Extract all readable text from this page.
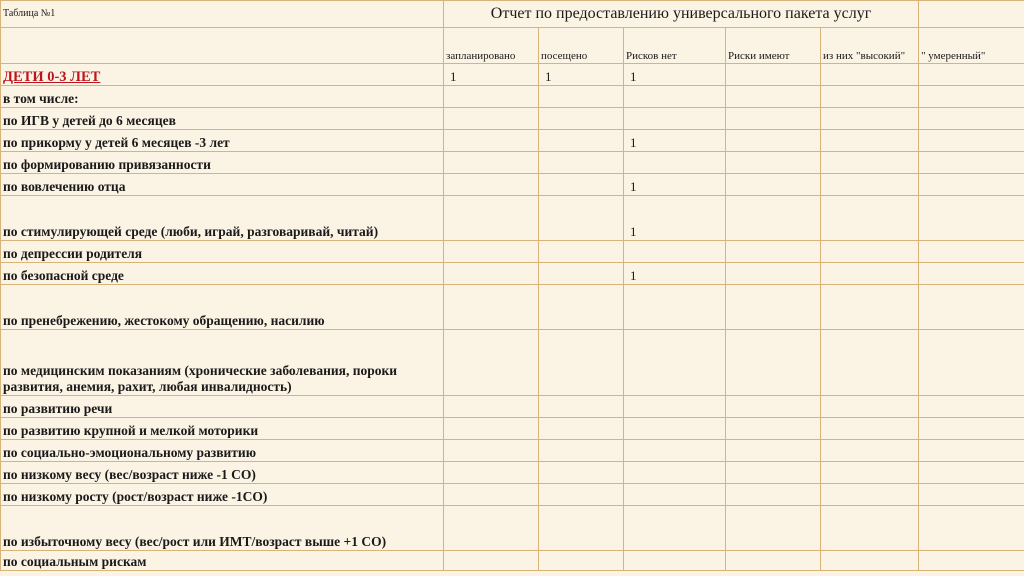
Таблица №1	Отчет по предоставлению универсального пакета услуг					
	запланировано	посещено	Рисков нет	Риски имеют	из них "высокий"	" умеренный"
ДЕТИ 0-3 ЛЕТ	1	1	1			
в том числе:						
по ИГВ у детей до 6 месяцев						
по прикорму у детей 6 месяцев -3 лет			1			
по формированию привязанности						
по вовлечению отца			1			
по стимулирующей среде (люби, играй, разговаривай, читай)			1			
по депрессии родителя						
по безопасной среде			1			
по пренебрежению, жестокому обращению, насилию						
по медицинским показаниям (хронические заболевания, пороки развития, анемия, рахит, любая инвалидность)						
по развитию речи						
по развитию крупной и мелкой моторики						
по социально-эмоциональному развитию						
по низкому весу (вес/возраст ниже -1 СО)						
по низкому росту (рост/возраст ниже -1СО)						
по избыточному весу (вес/рост или ИМТ/возраст выше +1 СО)						
по социальным рискам						
